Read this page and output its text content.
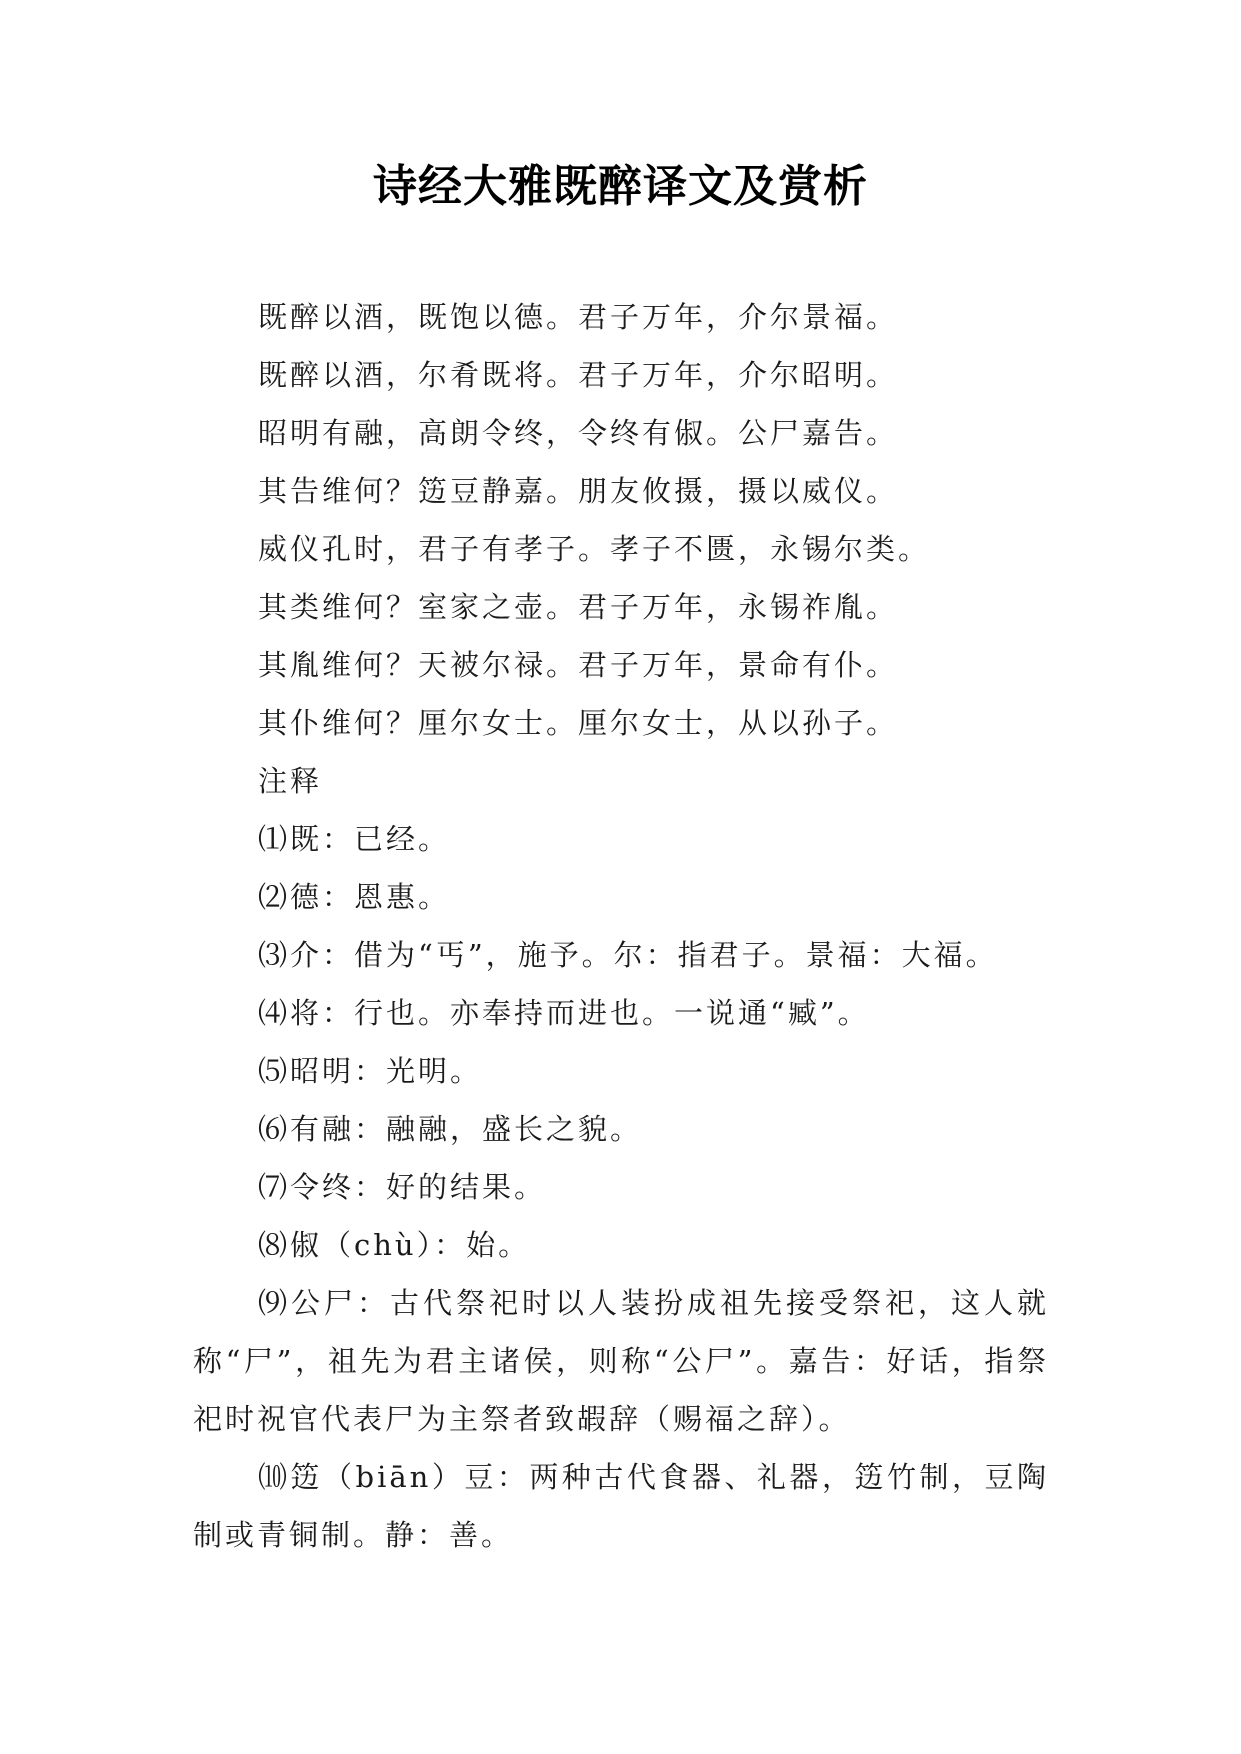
诗经大雅既醉译文及赏析

既醉以酒，既饱以德。君子万年，介尔景福。

既醉以酒，尔肴既将。君子万年，介尔昭明。

昭明有融，高朗令终，令终有俶。公尸嘉告。

其告维何？笾豆静嘉。朋友攸摄，摄以威仪。

威仪孔时，君子有孝子。孝子不匮，永锡尔类。

其类维何？室家之壶。君子万年，永锡祚胤。

其胤维何？天被尔禄。君子万年，景命有仆。

其仆维何？厘尔女士。厘尔女士，从以孙子。

注释

⑴既：已经。

⑵德：恩惠。

⑶介：借为“丐”，施予。尔：指君子。景福：大福。

⑷将：行也。亦奉持而进也。一说通“臧”。

⑸昭明：光明。

⑹有融：融融，盛长之貌。

⑺令终：好的结果。

⑻俶（chù）：始。

⑼公尸：古代祭祀时以人装扮成祖先接受祭祀，这人就称“尸”，祖先为君主诸侯，则称“公尸”。嘉告：好话，指祭祀时祝官代表尸为主祭者致嘏辞（赐福之辞）。

⑽笾（biān）豆：两种古代食器、礼器，笾竹制，豆陶制或青铜制。静：善。
